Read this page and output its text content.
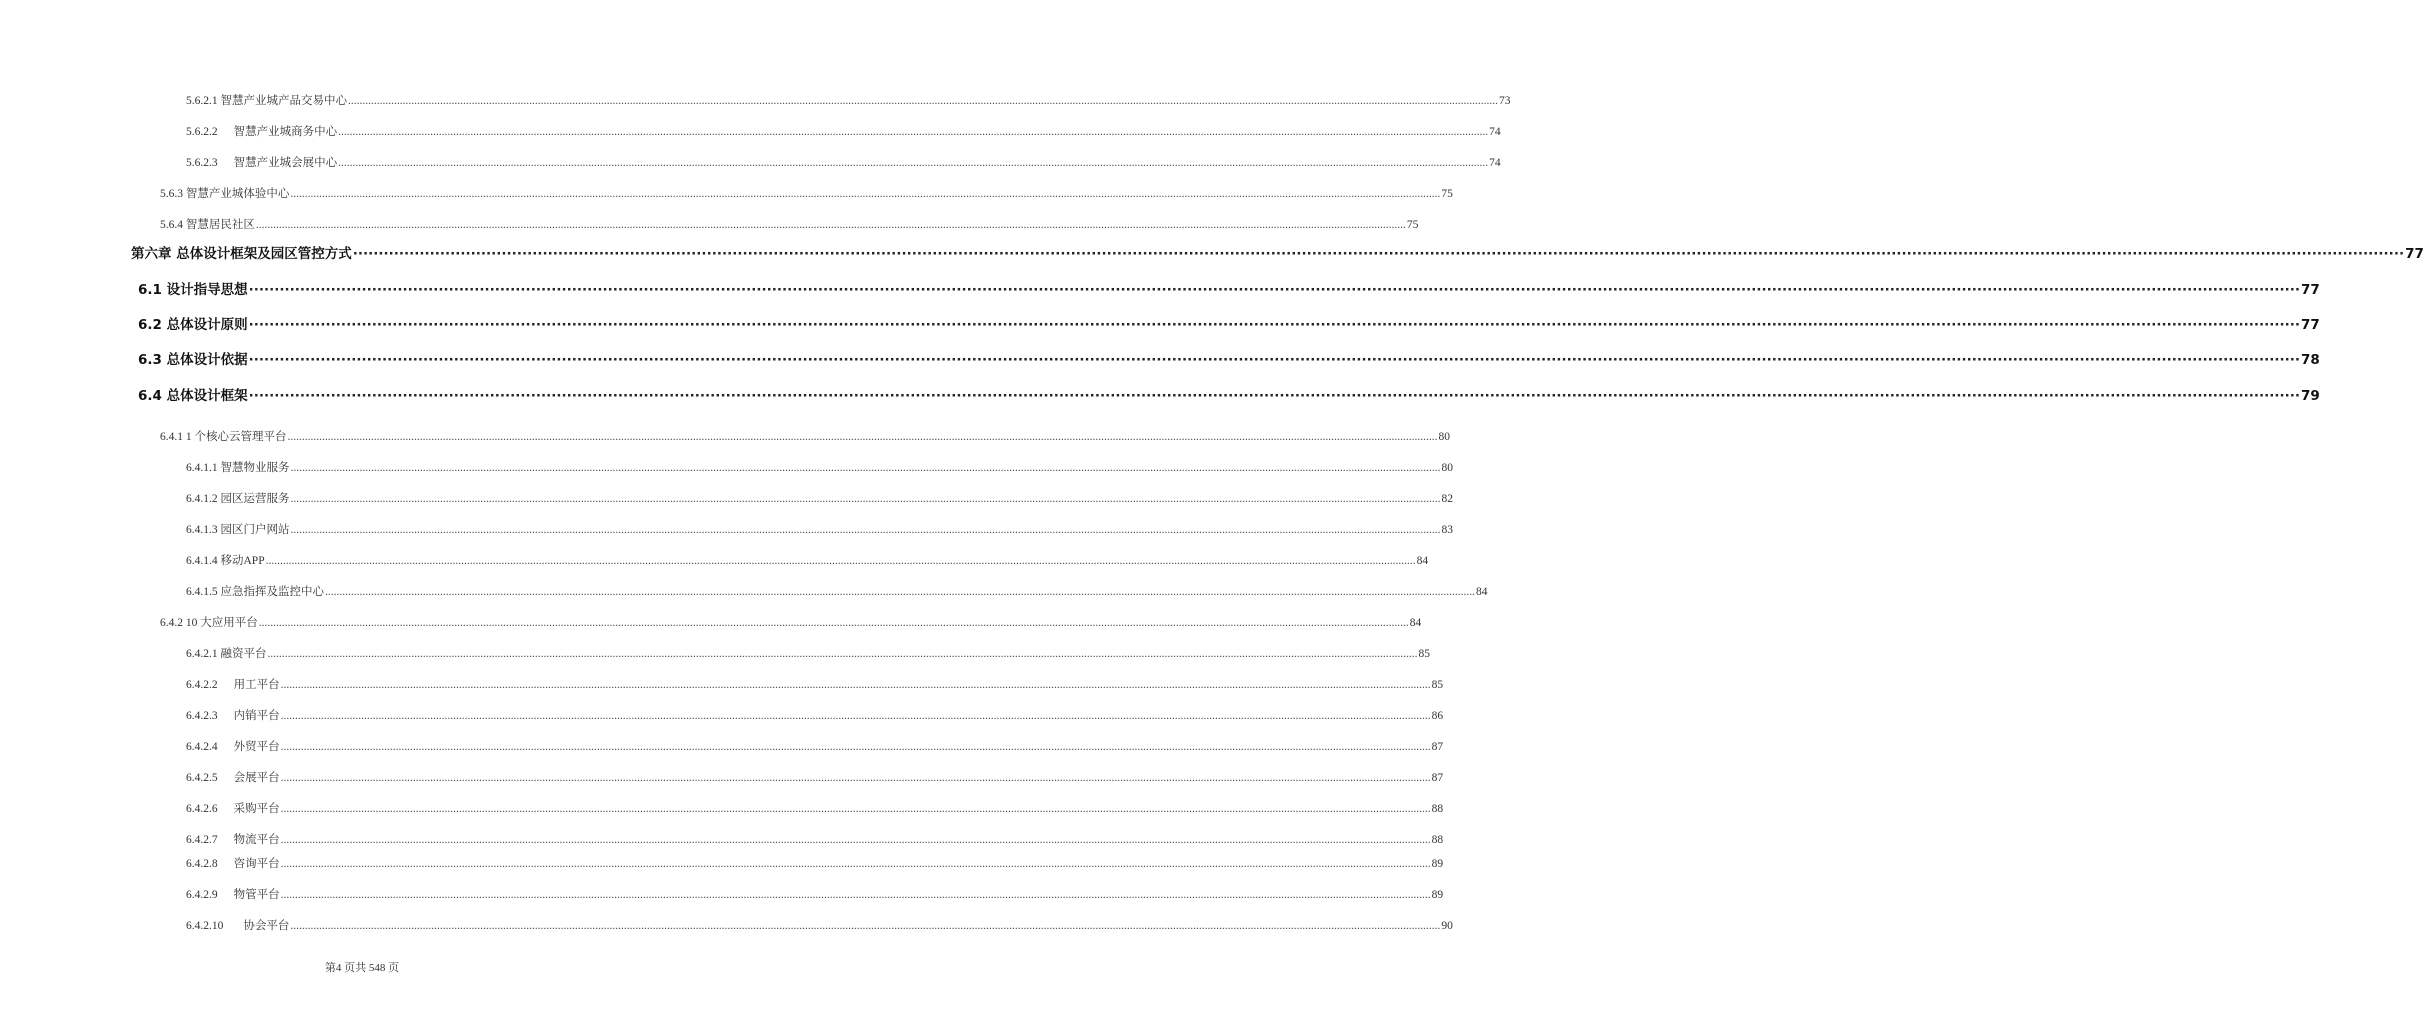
5.6.2.1 智慧产业城产品交易中心 ................................................................................................................................................................................................................................................................................................................................................................................................................ 73
5.6.2.2 智慧产业城商务中心 ................................................................................................................................................................................................................................................................................................................................................................................................................ 74
5.6.2.3 智慧产业城会展中心 ................................................................................................................................................................................................................................................................................................................................................................................................................ 74
5.6.3 智慧产业城体验中心 ................................................................................................................................................................................................................................................................................................................................................................................................................ 75
5.6.4 智慧居民社区 ................................................................................................................................................................................................................................................................................................................................................................................................................ 75
第六章 总体设计框架及园区管控方式 ················································································································································································································································································································································································································ 77
6.1 设计指导思想 ················································································································································································································································································································································································································ 77
6.2 总体设计原则 ················································································································································································································································································································································································································ 77
6.3 总体设计依据 ················································································································································································································································································································································································································ 78
6.4 总体设计框架 ················································································································································································································································································································································································································ 79
6.4.1 1 个核心云管理平台 ................................................................................................................................................................................................................................................................................................................................................................................................................ 80
6.4.1.1 智慧物业服务 ................................................................................................................................................................................................................................................................................................................................................................................................................ 80
6.4.1.2 园区运营服务 ................................................................................................................................................................................................................................................................................................................................................................................................................ 82
6.4.1.3 园区门户网站 ................................................................................................................................................................................................................................................................................................................................................................................................................ 83
6.4.1.4 移动APP ................................................................................................................................................................................................................................................................................................................................................................................................................ 84
6.4.1.5 应急指挥及监控中心 ................................................................................................................................................................................................................................................................................................................................................................................................................ 84
6.4.2 10 大应用平台 ................................................................................................................................................................................................................................................................................................................................................................................................................ 84
6.4.2.1 融资平台 ................................................................................................................................................................................................................................................................................................................................................................................................................ 85
6.4.2.2 用工平台 ................................................................................................................................................................................................................................................................................................................................................................................................................ 85
6.4.2.3 内销平台 ................................................................................................................................................................................................................................................................................................................................................................................................................ 86
6.4.2.4 外贸平台 ................................................................................................................................................................................................................................................................................................................................................................................................................ 87
6.4.2.5 会展平台 ................................................................................................................................................................................................................................................................................................................................................................................................................ 87
6.4.2.6 采购平台 ................................................................................................................................................................................................................................................................................................................................................................................................................ 88
6.4.2.7 物流平台 ................................................................................................................................................................................................................................................................................................................................................................................................................ 88
6.4.2.8 咨询平台 ................................................................................................................................................................................................................................................................................................................................................................................................................ 89
6.4.2.9 物管平台 ................................................................................................................................................................................................................................................................................................................................................................................................................ 89
6.4.2.10 协会平台 ................................................................................................................................................................................................................................................................................................................................................................................................................ 90
第4 页共 548 页
